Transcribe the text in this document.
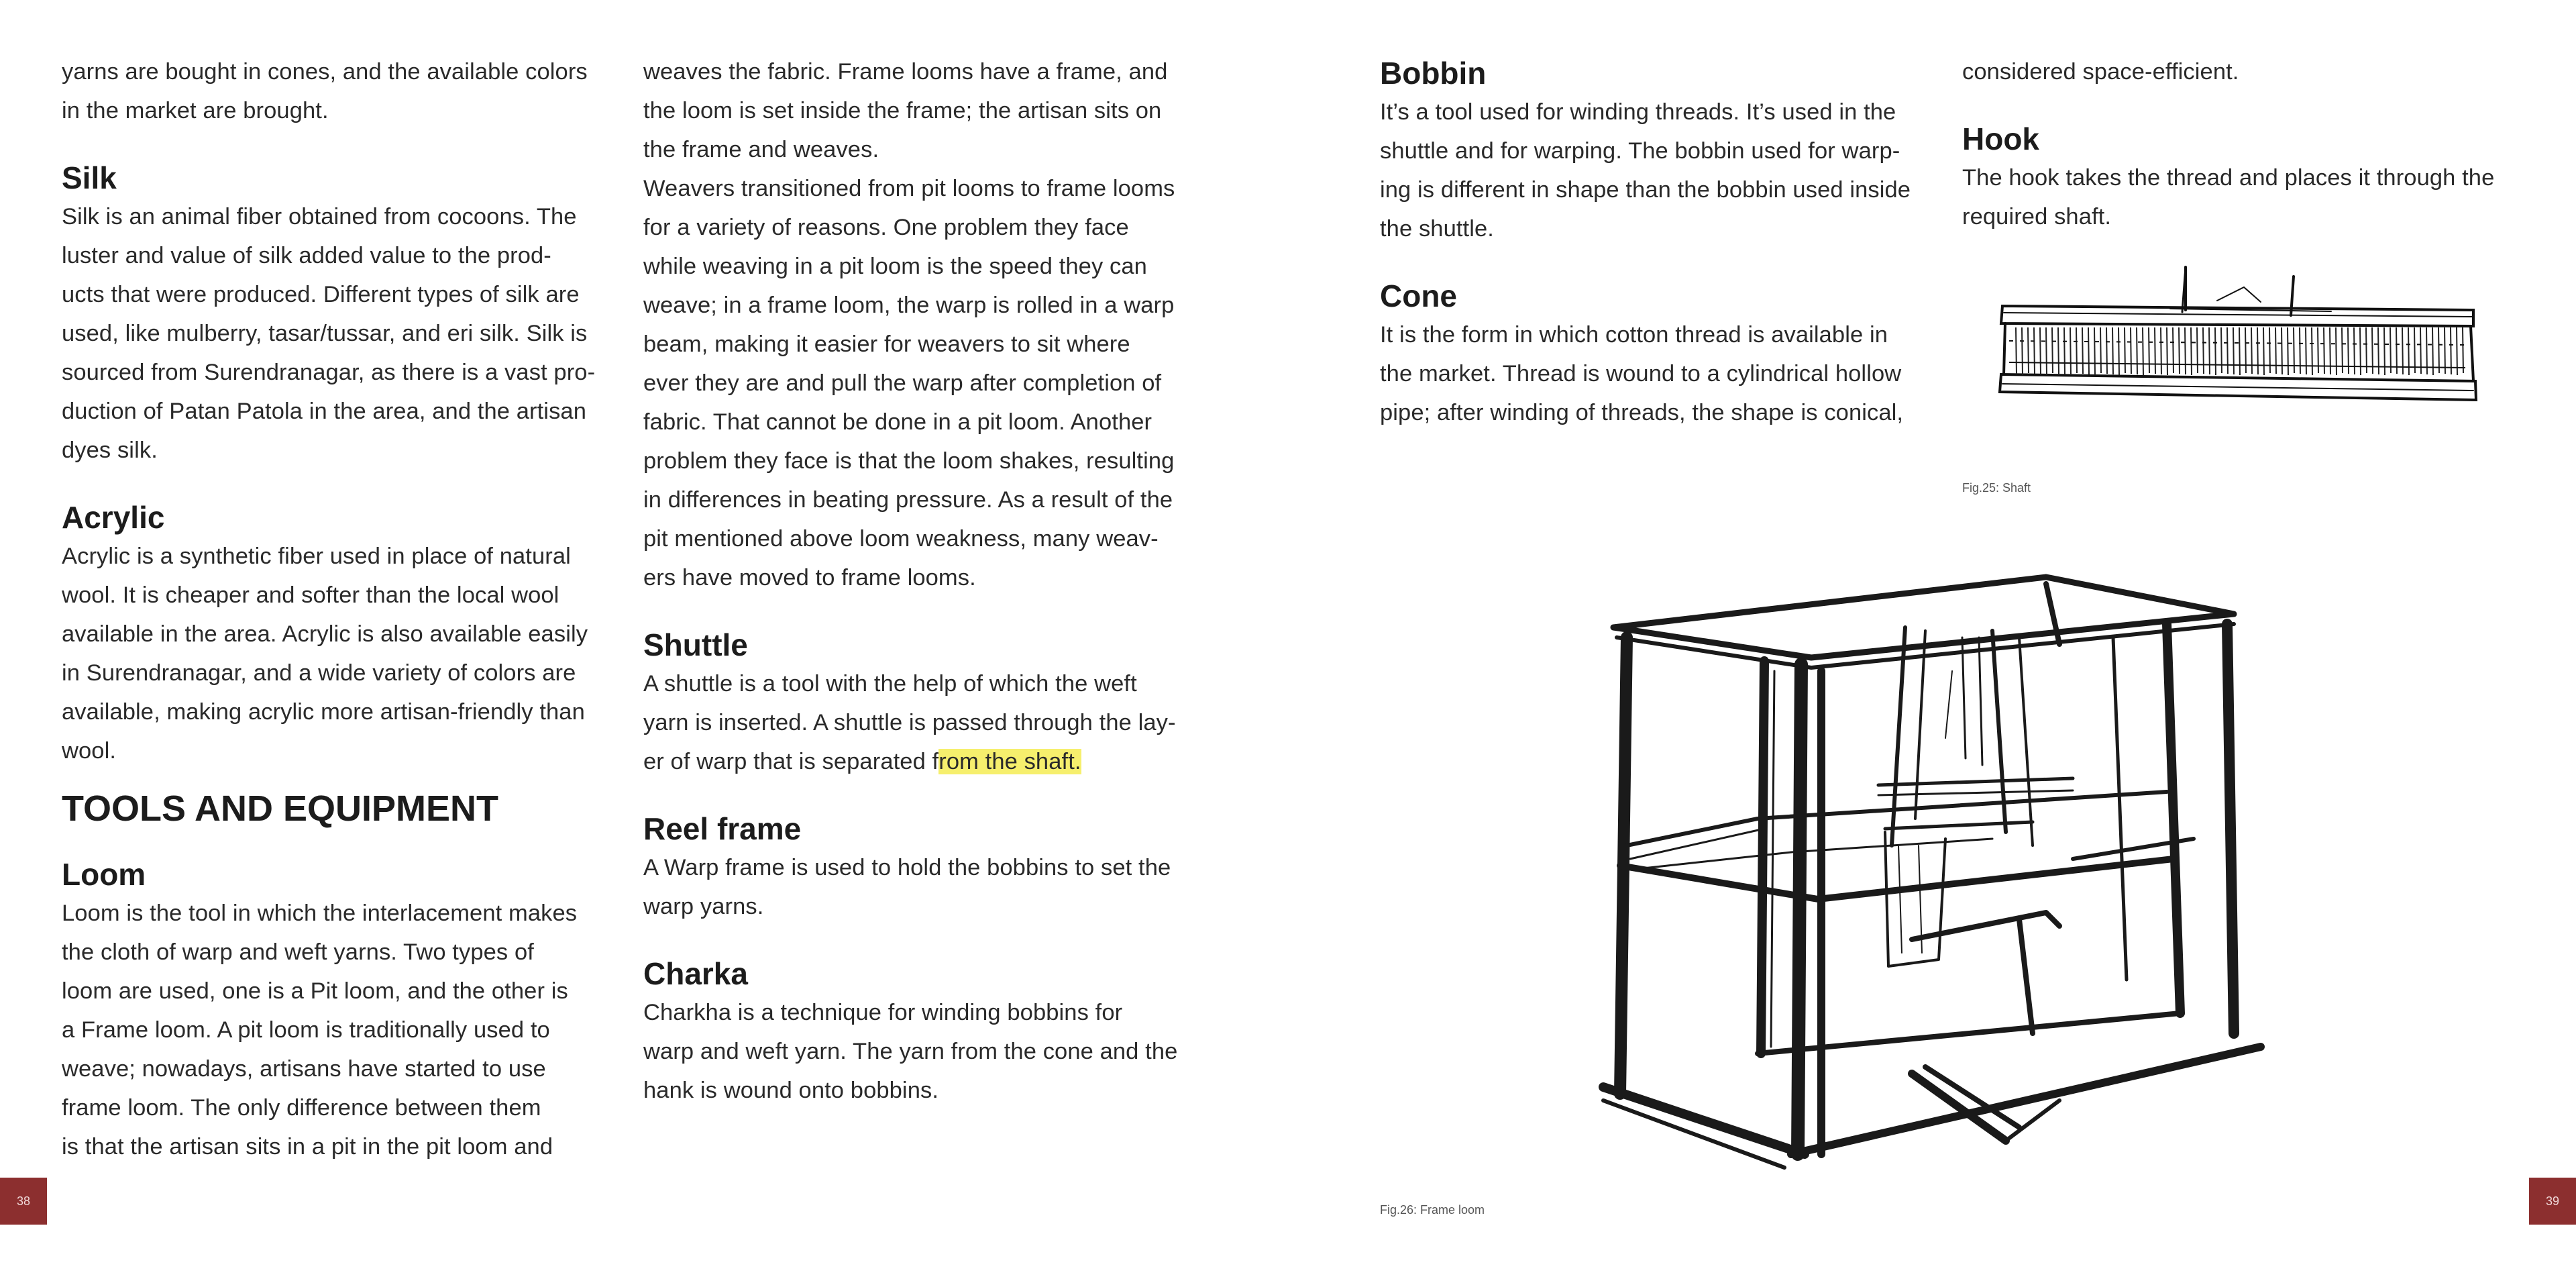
yarns are bought in cones, and the available colors

in the market are brought.

Silk

Silk is an animal fiber obtained from cocoons. The

luster and value of silk added value to the prod-

ucts that were produced. Different types of silk are

used, like mulberry, tasar/tussar, and eri silk. Silk is

sourced from Surendranagar, as there is a vast pro-

duction of Patan Patola in the area, and the artisan

dyes silk.

Acrylic

Acrylic is a synthetic fiber used in place of natural

wool. It is cheaper and softer than the local wool

available in the area. Acrylic is also available easily

in Surendranagar, and a wide variety of colors are

available, making acrylic more artisan-friendly than

wool.

TOOLS AND EQUIPMENT
Loom

Loom is the tool in which the interlacement makes

the cloth of warp and weft yarns. Two types of

loom are used, one is a Pit loom, and the other is

a Frame loom. A pit loom is traditionally used to

weave; nowadays, artisans have started to use

frame loom. The only difference between them

is that the artisan sits in a pit in the pit loom and

weaves the fabric. Frame looms have a frame, and

the loom is set inside the frame; the artisan sits on

the frame and weaves.

Weavers transitioned from pit looms to frame looms

for a variety of reasons. One problem they face

while weaving in a pit loom is the speed they can

weave; in a frame loom, the warp is rolled in a warp

beam, making it easier for weavers to sit where

ever they are and pull the warp after completion of

fabric. That cannot be done in a pit loom. Another

problem they face is that the loom shakes, resulting

in differences in beating pressure. As a result of the

pit mentioned above loom weakness, many weav-

ers have moved to frame looms.

Shuttle

A shuttle is a tool with the help of which the weft

yarn is inserted. A shuttle is passed through the lay-

er of warp that is separated from the shaft.

Reel frame

A Warp frame is used to hold the bobbins to set the

warp yarns.

Charka

Charkha is a technique for winding bobbins for

warp and weft yarn. The yarn from the cone and the

hank is wound onto bobbins.

Bobbin

It’s a tool used for winding threads. It’s used in the

shuttle and for warping. The bobbin used for warp-

ing is different in shape than the bobbin used inside

the shuttle.

Cone

It is the form in which cotton thread is available in

the market. Thread is wound to a cylindrical hollow

pipe; after winding of threads, the shape is conical,

considered space-efficient.

Hook

The hook takes the thread and places it through the

required shaft.

Fig.25: Shaft
Fig.26: Frame loom
38	39
